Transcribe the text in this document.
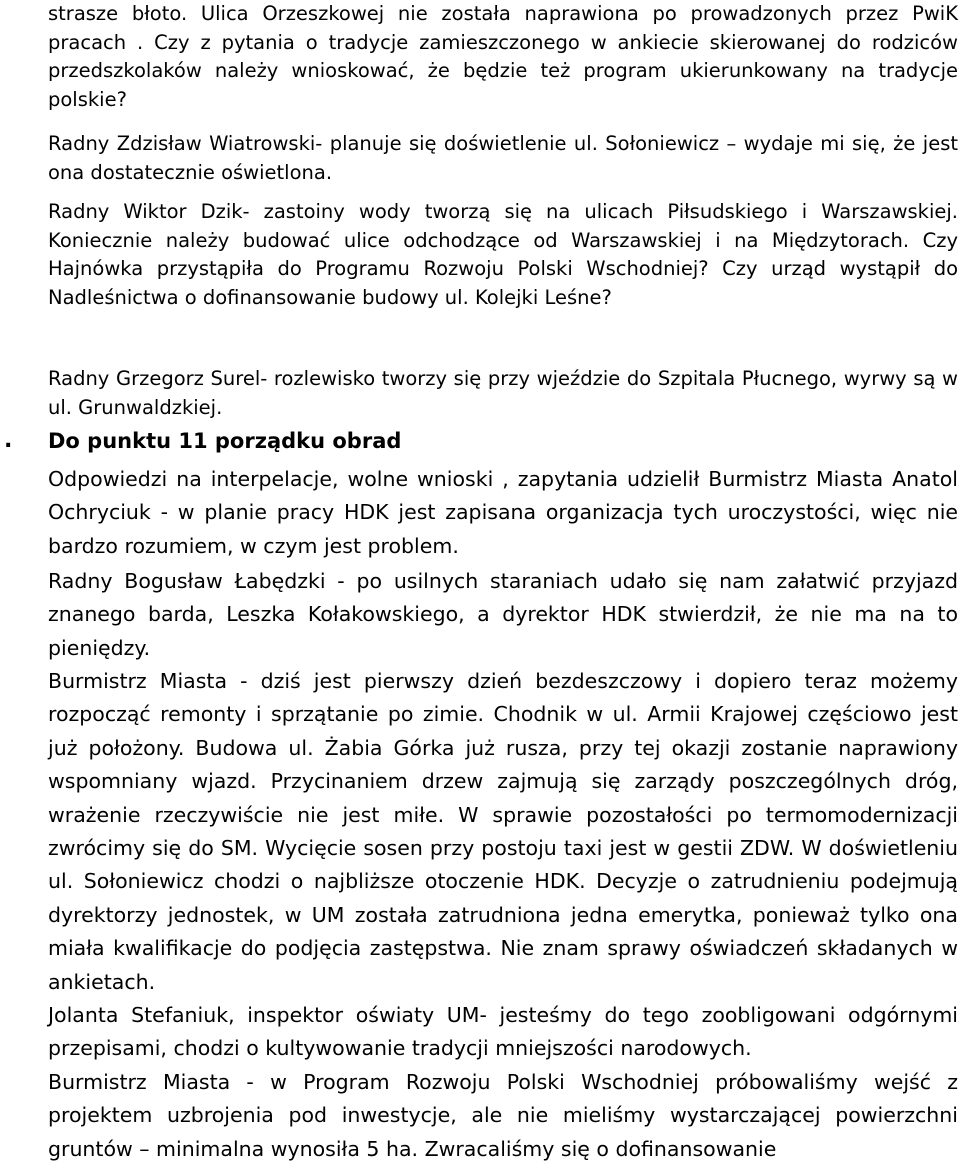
strasze błoto. Ulica Orzeszkowej nie została naprawiona po prowadzonych przez PwiK pracach . Czy z pytania o tradycje zamieszczonego w ankiecie skierowanej do rodziców przedszkolaków należy wnioskować, że będzie też program ukierunkowany na tradycje polskie?

Radny Zdzisław Wiatrowski- planuje się doświetlenie ul. Sołoniewicz – wydaje mi się, że jest ona dostatecznie oświetlona.

Radny Wiktor Dzik- zastoiny wody tworzą się na ulicach Piłsudskiego i Warszawskiej. Koniecznie należy budować ulice odchodzące od Warszawskiej i na Międzytorach. Czy Hajnówka przystąpiła do Programu Rozwoju Polski Wschodniej? Czy urząd wystąpił do Nadleśnictwa o dofinansowanie budowy ul. Kolejki Leśne?

Radny Grzegorz Surel- rozlewisko tworzy się przy wjeździe do Szpitala Płucnego, wyrwy są w ul. Grunwaldzkiej.

. Do punktu 11 porządku obrad

Odpowiedzi na interpelacje, wolne wnioski , zapytania udzielił Burmistrz Miasta Anatol Ochryciuk - w planie pracy HDK jest zapisana organizacja tych uroczystości, więc nie bardzo rozumiem, w czym jest problem.

Radny Bogusław Łabędzki - po usilnych staraniach udało się nam załatwić przyjazd znanego barda, Leszka Kołakowskiego, a dyrektor HDK stwierdził, że nie ma na to pieniędzy.

Burmistrz Miasta - dziś jest pierwszy dzień bezdeszczowy i dopiero teraz możemy rozpocząć remonty i sprzątanie po zimie. Chodnik w ul. Armii Krajowej częściowo jest już położony. Budowa ul. Żabia Górka już rusza, przy tej okazji zostanie naprawiony wspomniany wjazd. Przycinaniem drzew zajmują się zarządy poszczególnych dróg, wrażenie rzeczywiście nie jest miłe. W sprawie pozostałości po termomodernizacji zwrócimy się do SM. Wycięcie sosen przy postoju taxi jest w gestii ZDW. W doświetleniu ul. Sołoniewicz chodzi o najbliższe otoczenie HDK. Decyzje o zatrudnieniu podejmują dyrektorzy jednostek, w UM została zatrudniona jedna emerytka, ponieważ tylko ona miała kwalifikacje do podjęcia zastępstwa. Nie znam sprawy oświadczeń składanych w ankietach.

Jolanta Stefaniuk, inspektor oświaty UM- jesteśmy do tego zoobligowani odgórnymi przepisami, chodzi o kultywowanie tradycji mniejszości narodowych.

Burmistrz Miasta - w Program Rozwoju Polski Wschodniej próbowaliśmy wejść z projektem uzbrojenia pod inwestycje, ale nie mieliśmy wystarczającej powierzchni gruntów – minimalna wynosiła 5 ha. Zwracaliśmy się o dofinansowanie
